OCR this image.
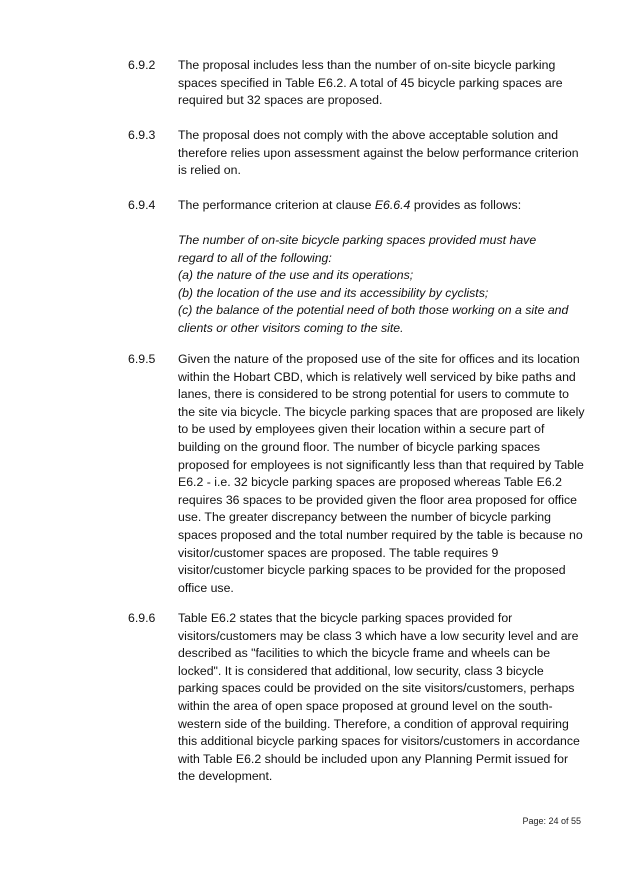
6.9.2	The proposal includes less than the number of on-site bicycle parking spaces specified in Table E6.2. A total of 45 bicycle parking spaces are required but 32 spaces are proposed.
6.9.3	The proposal does not comply with the above acceptable solution and therefore relies upon assessment against the below performance criterion is relied on.
6.9.4	The performance criterion at clause E6.6.4 provides as follows:
The number of on-site bicycle parking spaces provided must have
regard to all of the following:
(a) the nature of the use and its operations;
(b) the location of the use and its accessibility by cyclists;
(c) the balance of the potential need of both those working on a site and
clients or other visitors coming to the site.
6.9.5	Given the nature of the proposed use of the site for offices and its location within the Hobart CBD, which is relatively well serviced by bike paths and lanes, there is considered to be strong potential for users to commute to the site via bicycle. The bicycle parking spaces that are proposed are likely to be used by employees given their location within a secure part of building on the ground floor. The number of bicycle parking spaces proposed for employees is not significantly less than that required by Table E6.2 - i.e. 32 bicycle parking spaces are proposed whereas Table E6.2 requires 36 spaces to be provided given the floor area proposed for office use. The greater discrepancy between the number of bicycle parking spaces proposed and the total number required by the table is because no visitor/customer spaces are proposed. The table requires 9 visitor/customer bicycle parking spaces to be provided for the proposed office use.
6.9.6	Table E6.2 states that the bicycle parking spaces provided for visitors/customers may be class 3 which have a low security level and are described as "facilities to which the bicycle frame and wheels can be locked". It is considered that additional, low security, class 3 bicycle parking spaces could be provided on the site visitors/customers, perhaps within the area of open space proposed at ground level on the south-western side of the building. Therefore, a condition of approval requiring this additional bicycle parking spaces for visitors/customers in accordance with Table E6.2 should be included upon any Planning Permit issued for the development.
Page: 24 of 55
